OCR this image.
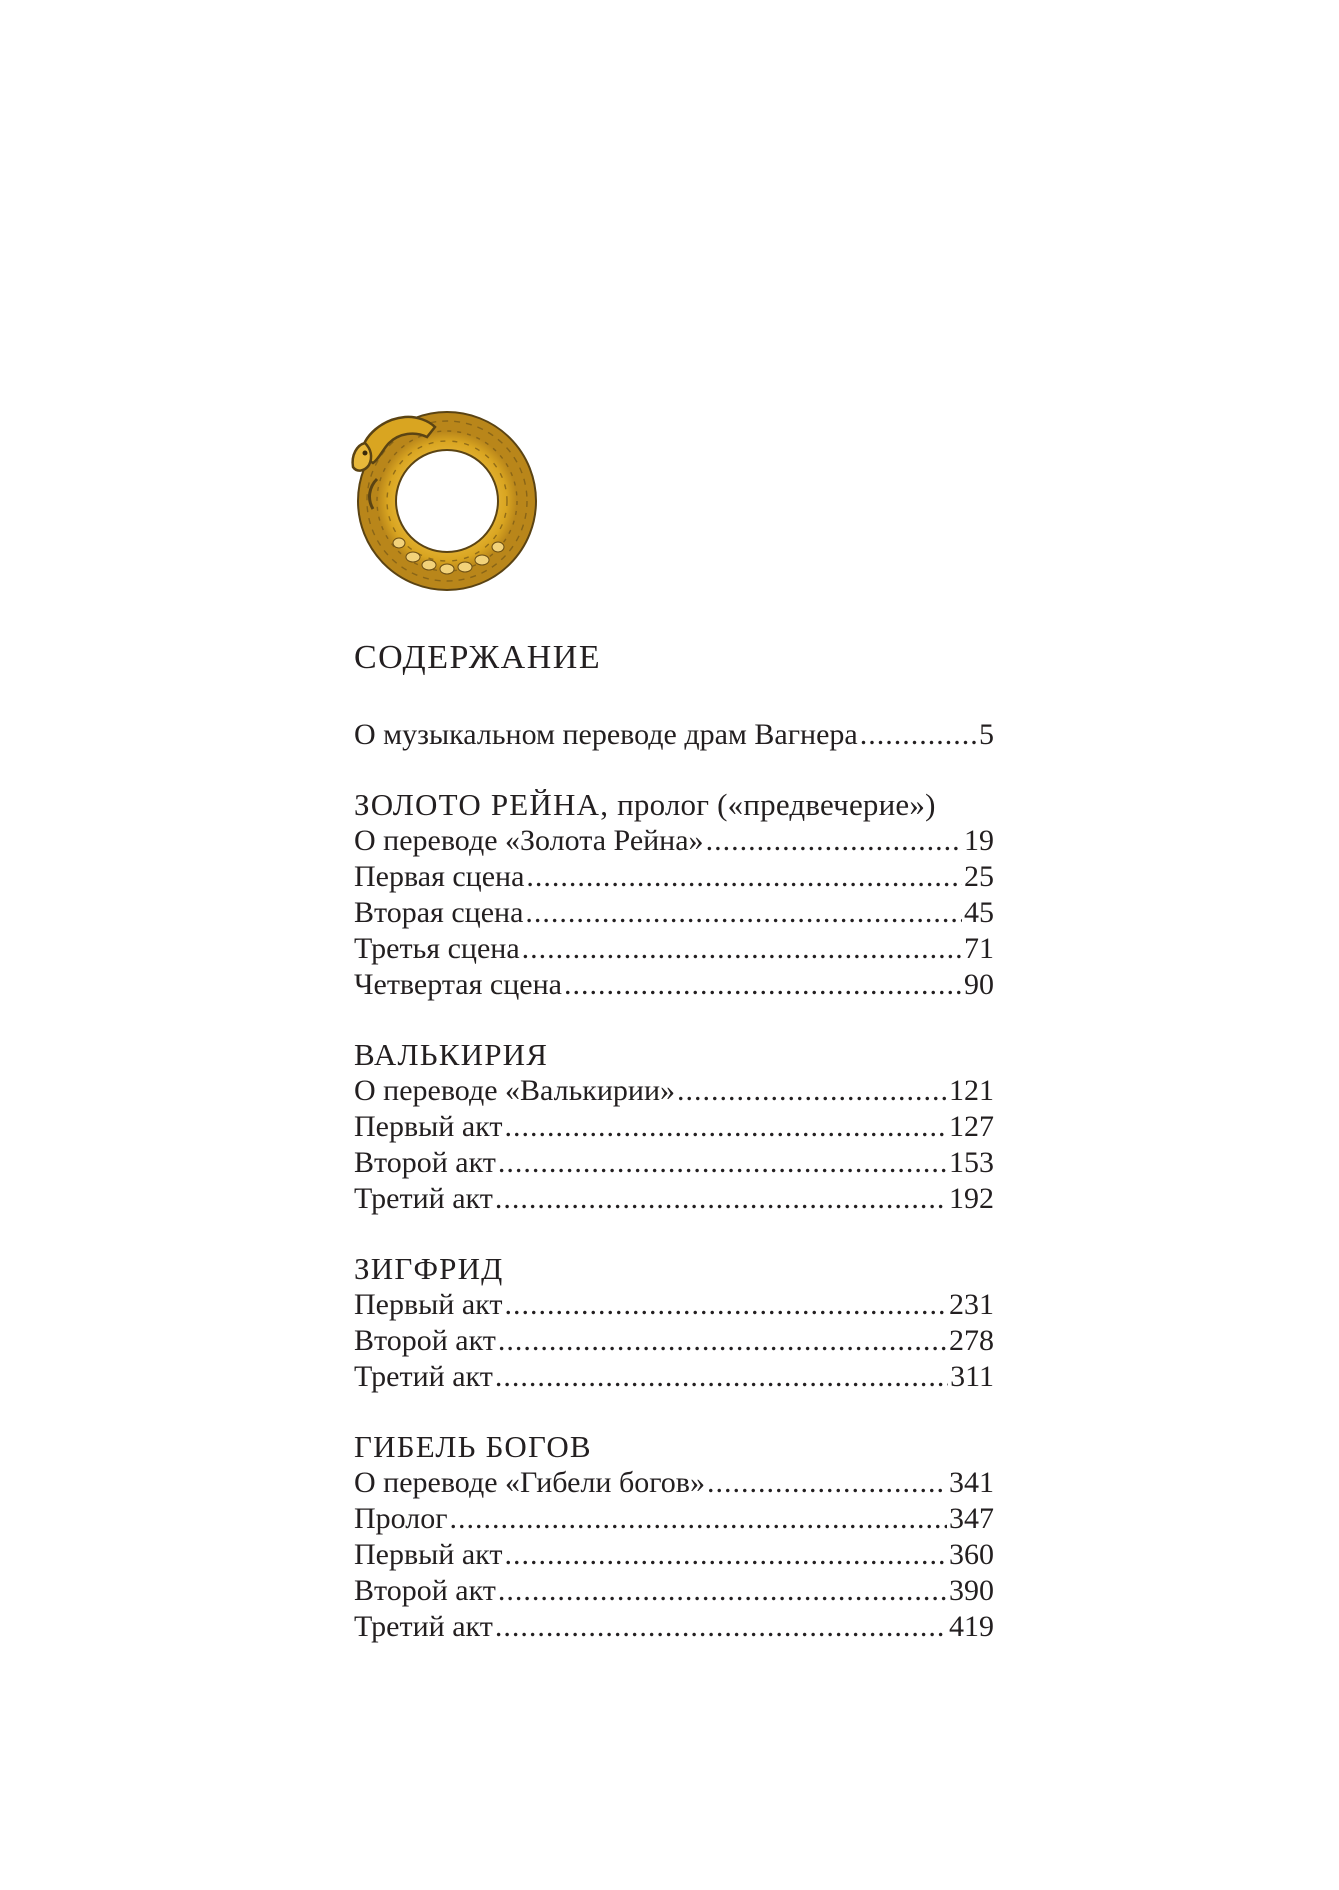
СОДЕРЖАНИЕ
О музыкальном переводе драм Вагнера .....	5
ЗОЛОТО РЕЙНА, пролог («предвечерие»)
О переводе «Золота Рейна» .....	19
Первая сцена .....	25
Вторая сцена .....	45
Третья сцена .....	71
Четвертая сцена .....	90
ВАЛЬКИРИЯ
О переводе «Валькирии» .....	121
Первый акт .....	127
Второй акт .....	153
Третий акт .....	192
ЗИГФРИД
Первый акт .....	231
Второй акт .....	278
Третий акт .....	311
ГИБЕЛЬ БОГОВ
О переводе «Гибели богов» .....	341
Пролог .....	347
Первый акт .....	360
Второй акт .....	390
Третий акт .....	419
